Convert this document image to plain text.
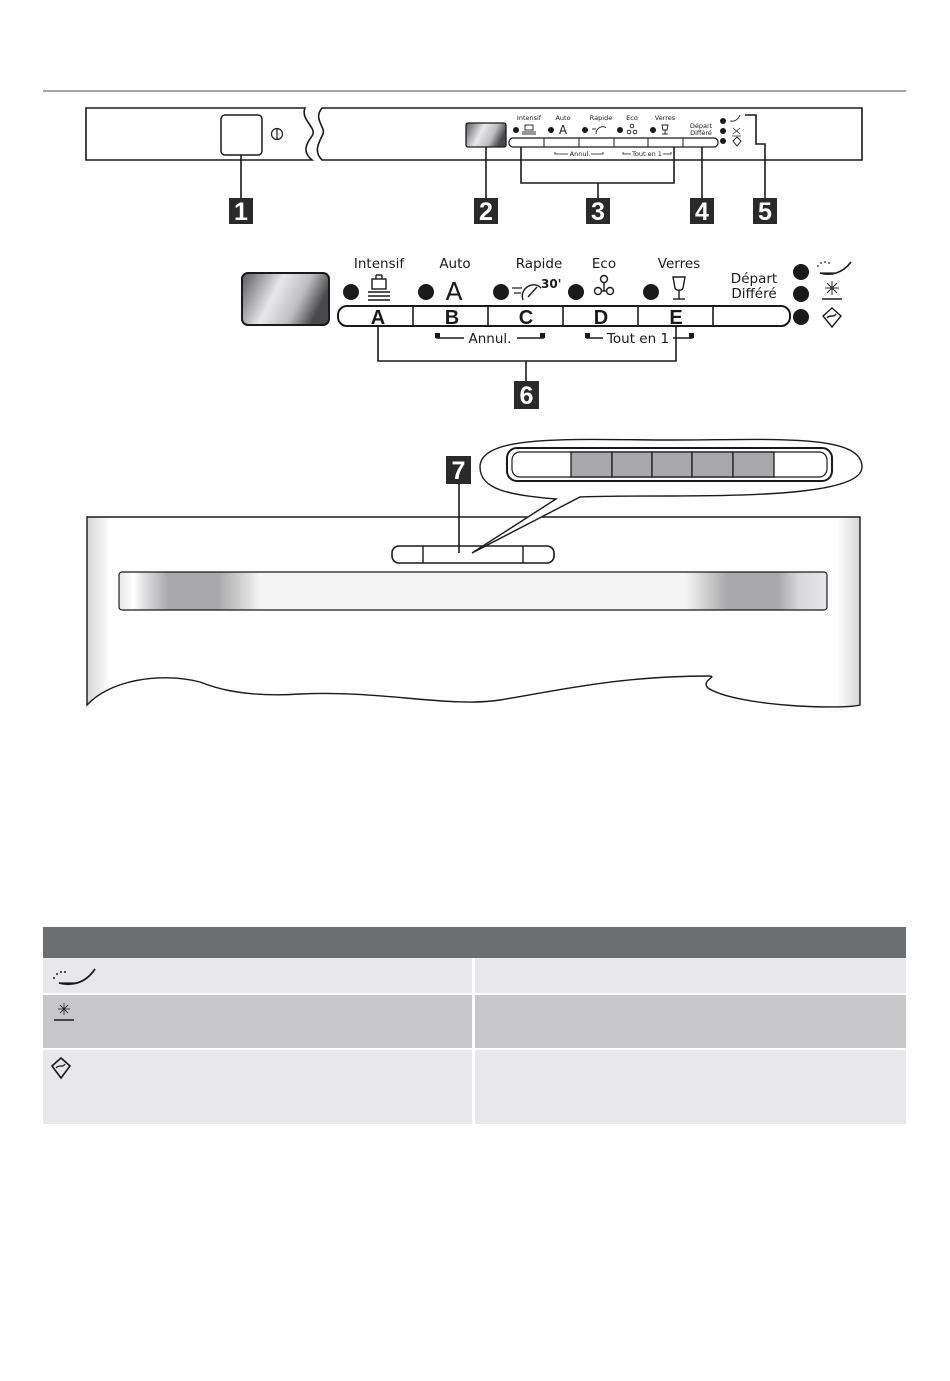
Intensif Auto	Rapide Eco	Verres
Départ
Différé
A
Annul.	Tout en 1
1	2	3	4 5
Intensif	Auto	Rapide Eco	Verres
Départ
Différé
A	30'
A	B	C	D	E
Annul.	Tout en 1
6
7
